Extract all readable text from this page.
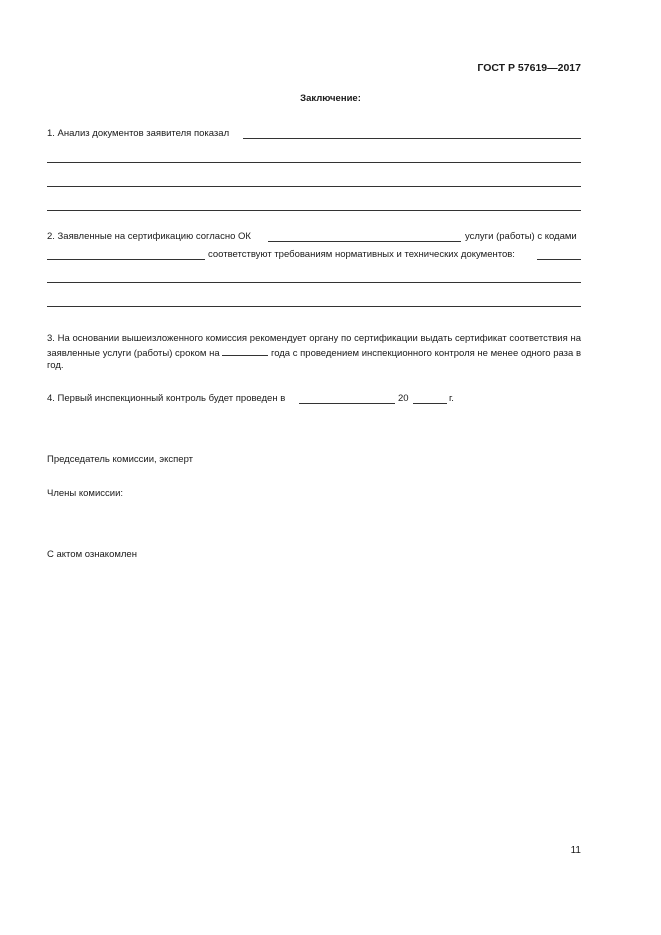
ГОСТ Р 57619—2017
Заключение:
1. Анализ документов заявителя показал
2. Заявленные на сертификацию согласно ОК	услуги (работы) с кодами
соответствуют требованиям нормативных и технических документов:
3. На основании вышеизложенного комиссия рекомендует органу по сертификации выдать сертификат соответствия на заявленные услуги (работы) сроком на	года с проведением инспекционного контроля не менее одного раза в год.
4. Первый инспекционный контроль будет проведен в	20	г.
Председатель комиссии, эксперт
Члены комиссии:
С актом ознакомлен
11
